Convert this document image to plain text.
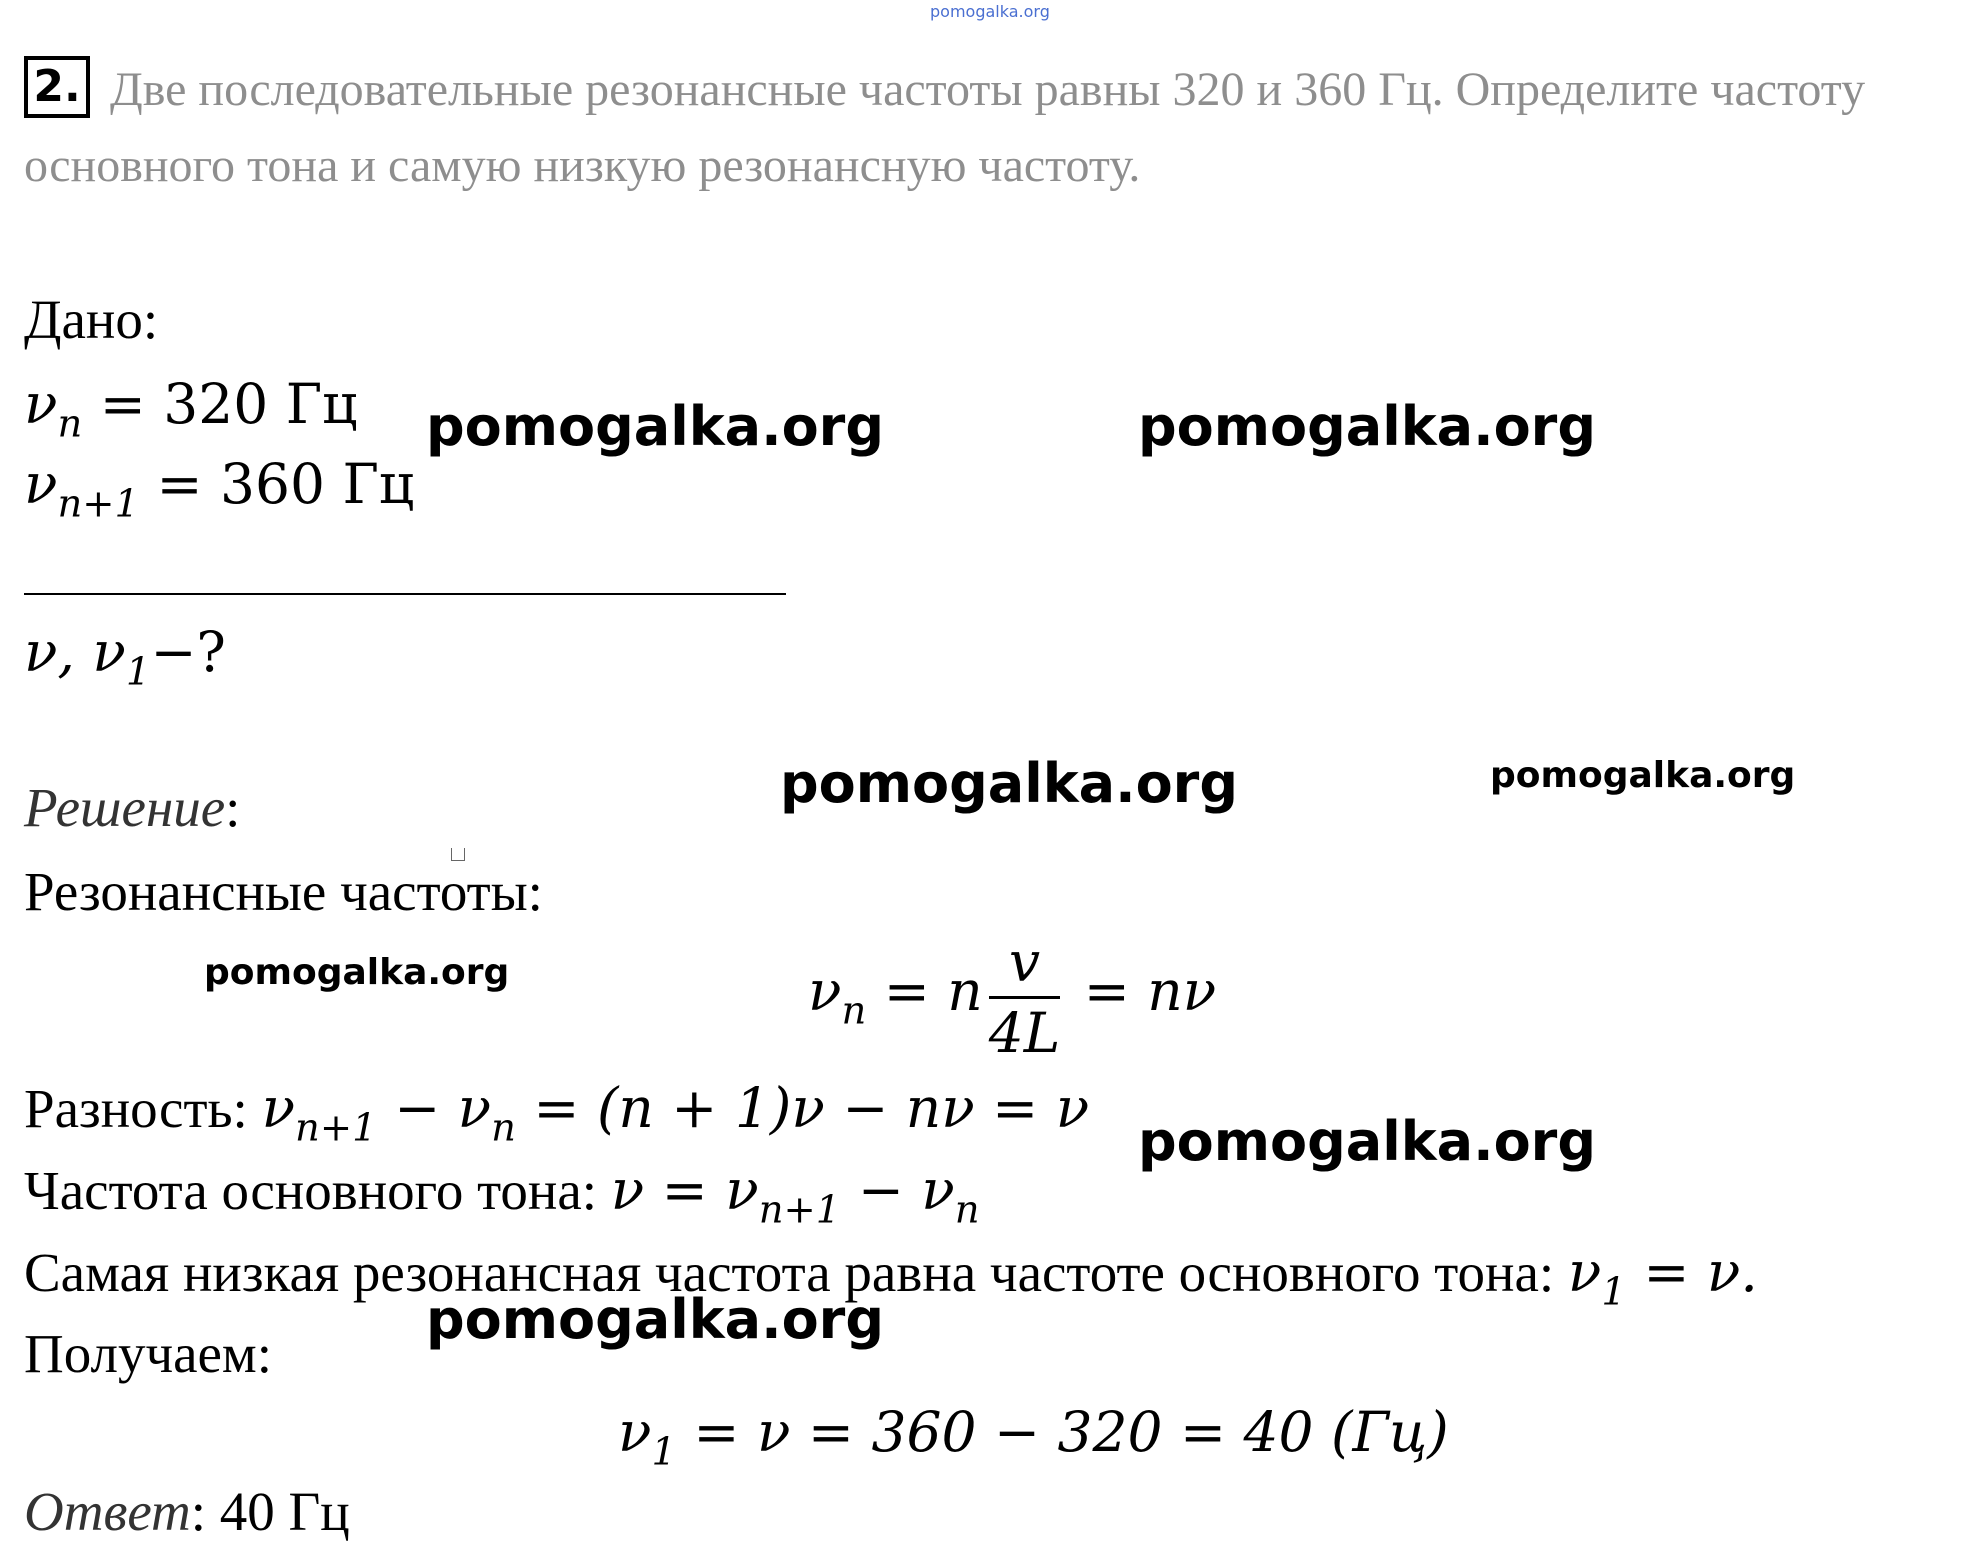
pomogalka.org
2. Две последовательные резонансные частоты равны 320 и 360 Гц. Определите частоту
основного тона и самую низкую резонансную частоту.
Дано:
$\nu_n = 320$ Гц
$\nu_{n+1} = 360$ Гц
ν, $\nu_1-$?
Решение:
Резонансные частоты:
$\nu_n = n \frac{v}{4L} = n\nu$
Разность: $\nu_{n+1} - \nu_n = (n + 1)\nu - n\nu = \nu$
Частота основного тона: $\nu = \nu_{n+1} - \nu_n$
Самая низкая резонансная частота равна частоте основного тона: $\nu_1 = \nu$.
Получаем:
$\nu_1 = \nu = 360 - 320 = 40$ (Гц)
Ответ: 40 Гц
pomogalka.org	pomogalka.org
pomogalka.org	pomogalka.org
pomogalka.org
pomogalka.org
pomogalka.org
